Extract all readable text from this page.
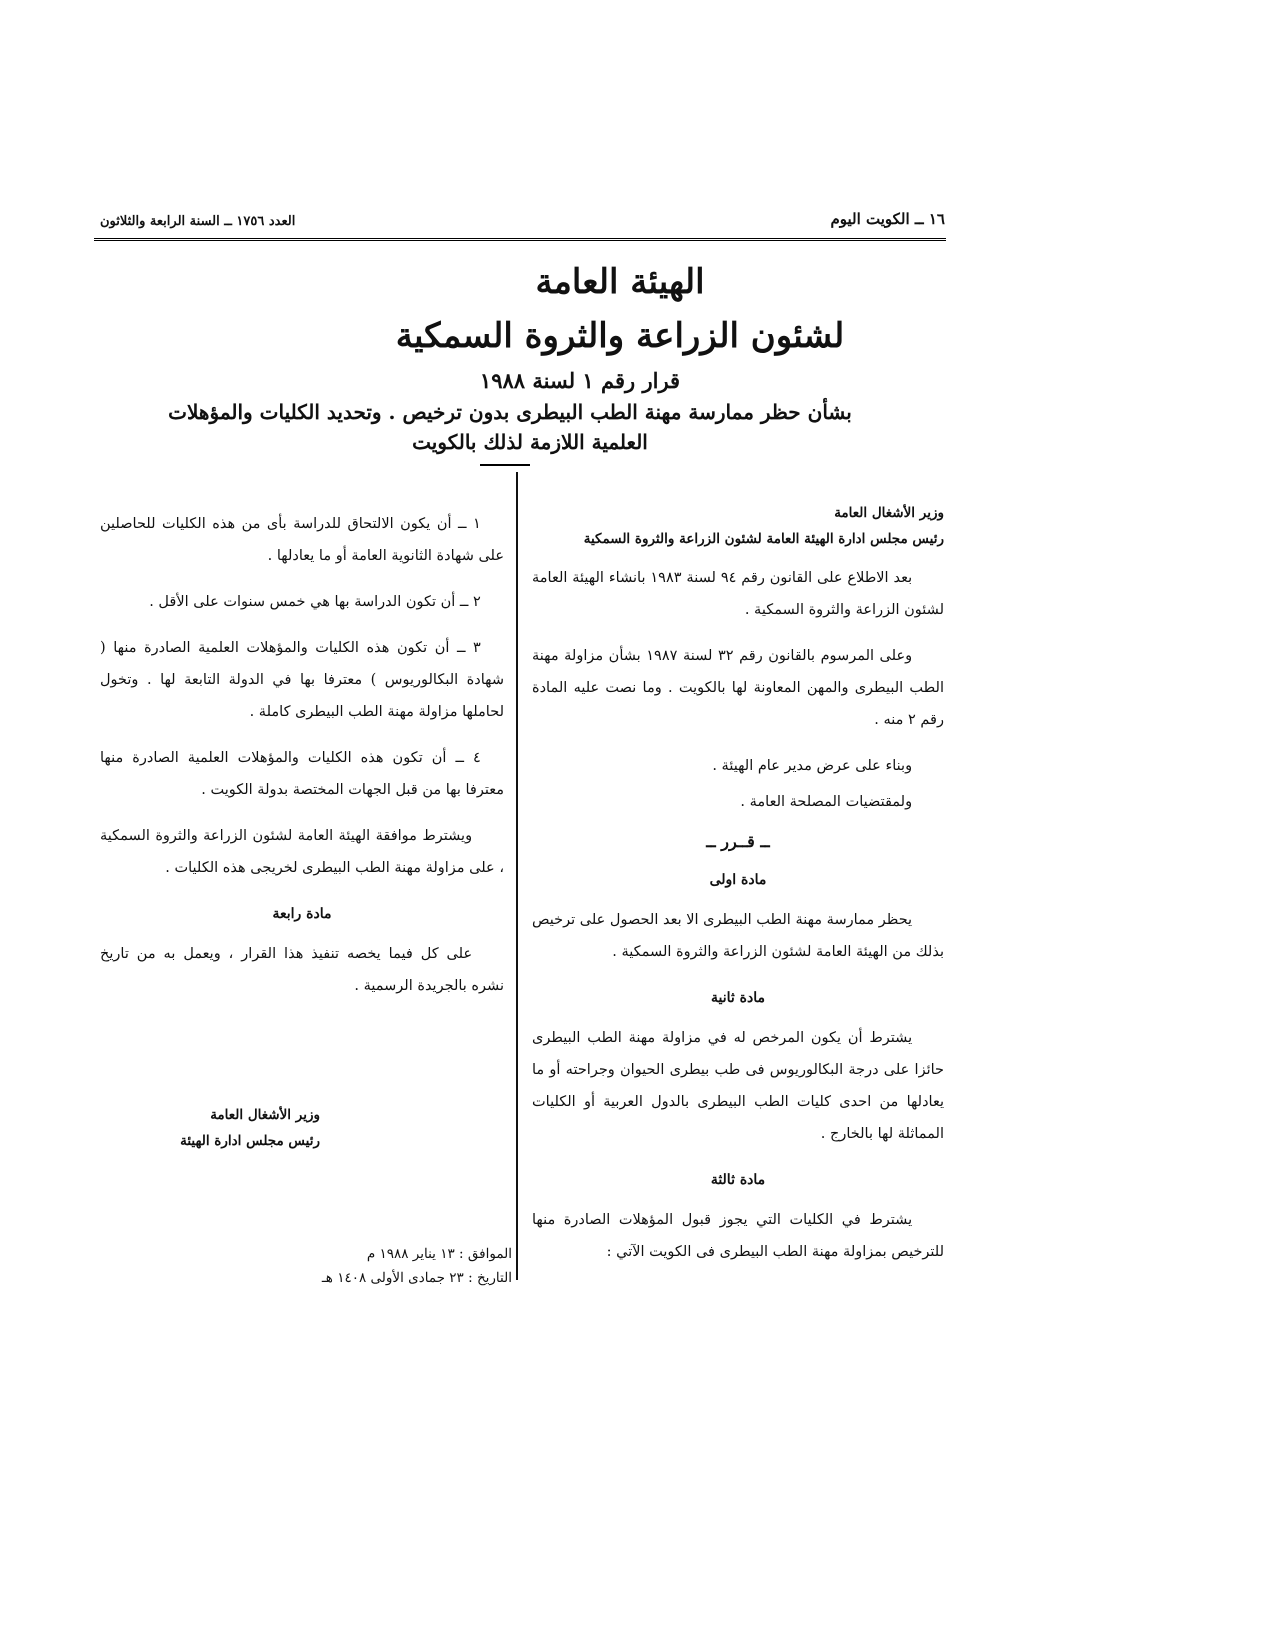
١٦ ــ الكويت اليوم
العدد ١٧٥٦ ــ السنة الرابعة والثلاثون
الهيئة العامة
لشئون الزراعة والثروة السمكية
قرار رقم ١ لسنة ١٩٨٨
بشأن حظر ممارسة مهنة الطب البيطرى بدون ترخيص . وتحديد الكليات والمؤهلات
العلمية اللازمة لذلك بالكويت
وزير الأشغال العامة
رئيس مجلس ادارة الهيئة العامة لشئون الزراعة والثروة السمكية

بعد الاطلاع على القانون رقم ٩٤ لسنة ١٩٨٣ بانشاء الهيئة العامة لشئون الزراعة والثروة السمكية .

وعلى المرسوم بالقانون رقم ٣٢ لسنة ١٩٨٧ بشأن مزاولة مهنة الطب البيطرى والمهن المعاونة لها بالكويت . وما نصت عليه المادة رقم ٢ منه .

وبناء على عرض مدير عام الهيئة .

ولمقتضيات المصلحة العامة .

ــ قــرر ــ
مادة اولى

يحظر ممارسة مهنة الطب البيطرى الا بعد الحصول على ترخيص بذلك من الهيئة العامة لشئون الزراعة والثروة السمكية .

مادة ثانية

يشترط أن يكون المرخص له في مزاولة مهنة الطب البيطرى حائزا على درجة البكالوريوس فى طب بيطرى الحيوان وجراحته أو ما يعادلها من احدى كليات الطب البيطرى بالدول العربية أو الكليات المماثلة لها بالخارج .

مادة ثالثة

يشترط في الكليات التي يجوز قبول المؤهلات الصادرة منها للترخيص بمزاولة مهنة الطب البيطرى فى الكويت الآتي :

١ ــ أن يكون الالتحاق للدراسة بأى من هذه الكليات للحاصلين على شهادة الثانوية العامة أو ما يعادلها .

٢ ــ أن تكون الدراسة بها هي خمس سنوات على الأقل .

٣ ــ أن تكون هذه الكليات والمؤهلات العلمية الصادرة منها ( شهادة البكالوريوس ) معترفا بها في الدولة التابعة لها . وتخول لحاملها مزاولة مهنة الطب البيطرى كاملة .

٤ ــ أن تكون هذه الكليات والمؤهلات العلمية الصادرة منها معترفا بها من قبل الجهات المختصة بدولة الكويت .

ويشترط موافقة الهيئة العامة لشئون الزراعة والثروة السمكية ، على مزاولة مهنة الطب البيطرى لخريجى هذه الكليات .

مادة رابعة

على كل فيما يخصه تنفيذ هذا القرار ، ويعمل به من تاريخ نشره بالجريدة الرسمية .

وزير الأشغال العامة
رئيس مجلس ادارة الهيئة
الموافق : ١٣ يناير ١٩٨٨ م
التاريخ : ٢٣ جمادى الأولى ١٤٠٨ هـ
